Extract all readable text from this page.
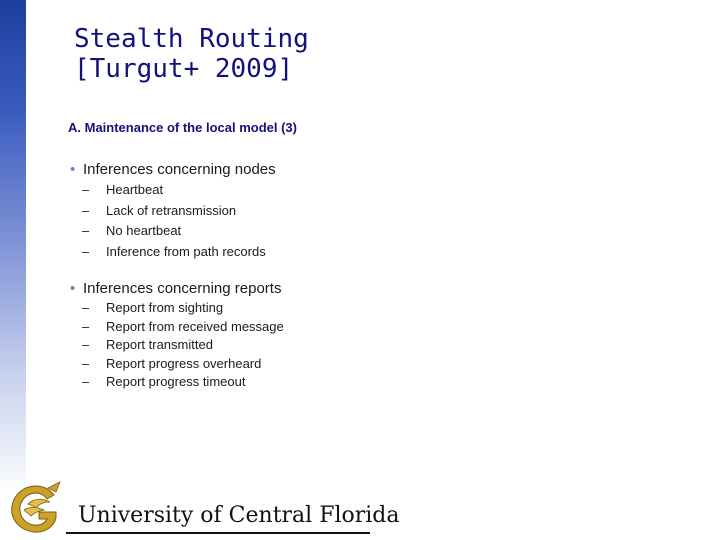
Stealth Routing
[Turgut+ 2009]
A. Maintenance of the local model (3)
• Inferences concerning nodes
–	Heartbeat
–	Lack of retransmission
–	No heartbeat
–	Inference from path records
• Inferences concerning reports
–	Report from sighting
–	Report from received message
–	Report transmitted
–	Report progress overheard
–	Report progress timeout

University of Central Florida
